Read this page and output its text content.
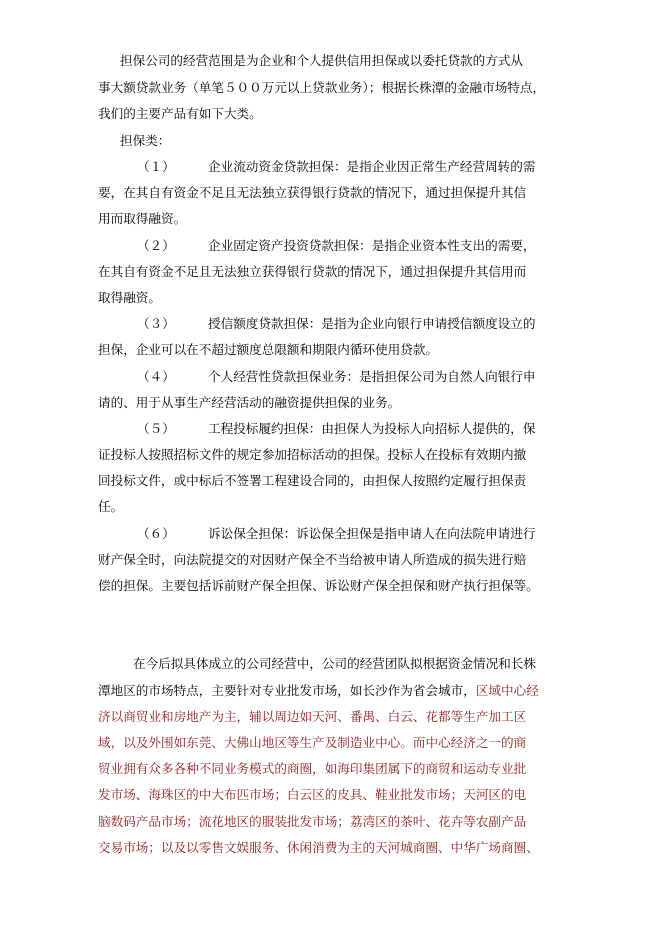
担保公司的经营范围是为企业和个人提供信用担保或以委托贷款的方式从
事大额贷款业务（单笔５００万元以上贷款业务）；根据长株潭的金融市场特点，
我们的主要产品有如下大类。
担保类：
（１）	企业流动资金贷款担保：是指企业因正常生产经营周转的需
要，在其自有资金不足且无法独立获得银行贷款的情况下，通过担保提升其信
用而取得融资。
（２）	企业固定资产投资贷款担保：是指企业资本性支出的需要，
在其自有资金不足且无法独立获得银行贷款的情况下，通过担保提升其信用而
取得融资。
（３）	授信额度贷款担保：是指为企业向银行申请授信额度设立的
担保，企业可以在不超过额度总限额和期限内循环使用贷款。
（４）	个人经营性贷款担保业务：是指担保公司为自然人向银行申
请的、用于从事生产经营活动的融资提供担保的业务。
（５）	工程投标履约担保：由担保人为投标人向招标人提供的，保
证投标人按照招标文件的规定参加招标活动的担保。投标人在投标有效期内撤
回投标文件，或中标后不签署工程建设合同的，由担保人按照约定履行担保责
任。
（６）	诉讼保全担保：诉讼保全担保是指申请人在向法院申请进行
财产保全时，向法院提交的对因财产保全不当给被申请人所造成的损失进行赔
偿的担保。主要包括诉前财产保全担保、诉讼财产保全担保和财产执行担保等。
在今后拟具体成立的公司经营中，公司的经营团队拟根据资金情况和长株
潭地区的市场特点，主要针对专业批发市场，如长沙作为省会城市，区域中心经
济以商贸业和房地产为主，辅以周边如天河、番禺、白云、花都等生产加工区
域，以及外围如东莞、大佛山地区等生产及制造业中心。而中心经济之一的商
贸业拥有众多各种不同业务模式的商圈，如海印集团属下的商贸和运动专业批
发市场、海珠区的中大布匹市场；白云区的皮具、鞋业批发市场；天河区的电
脑数码产品市场；流花地区的服装批发市场；荔湾区的茶叶、花卉等农副产品
交易市场；以及以零售文娱服务、休闲消费为主的天河城商圈、中华广场商圈、
